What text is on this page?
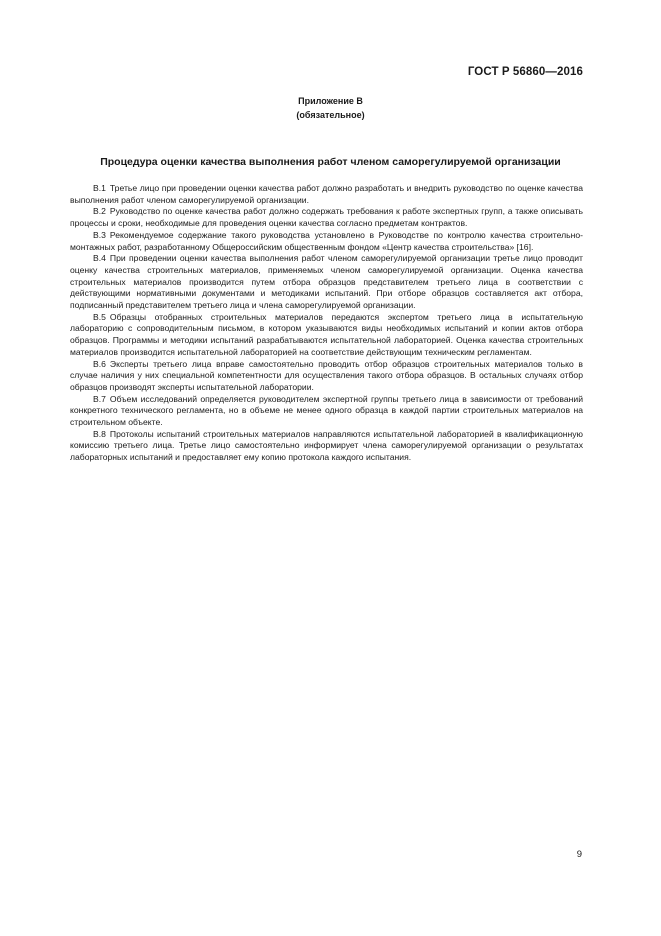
ГОСТ Р 56860—2016
Приложение В
(обязательное)
Процедура оценки качества выполнения работ членом саморегулируемой организации

В.1 Третье лицо при проведении оценки качества работ должно разработать и внедрить руководство по оценке качества выполнения работ членом саморегулируемой организации.

В.2 Руководство по оценке качества работ должно содержать требования к работе экспертных групп, а также описывать процессы и сроки, необходимые для проведения оценки качества согласно предметам контрактов.

В.3 Рекомендуемое содержание такого руководства установлено в Руководстве по контролю качества строительно-монтажных работ, разработанному Общероссийским общественным фондом «Центр качества строительства» [16].

В.4 При проведении оценки качества выполнения работ членом саморегулируемой организации третье лицо проводит оценку качества строительных материалов, применяемых членом саморегулируемой организации. Оценка качества строительных материалов производится путем отбора образцов представителем третьего лица в соответствии с действующими нормативными документами и методиками испытаний. При отборе образцов составляется акт отбора, подписанный представителем третьего лица и члена саморегулируемой организации.

В.5 Образцы отобранных строительных материалов передаются экспертом третьего лица в испытательную лабораторию с сопроводительным письмом, в котором указываются виды необходимых испытаний и копии актов отбора образцов. Программы и методики испытаний разрабатываются испытательной лабораторией. Оценка качества строительных материалов производится испытательной лабораторией на соответствие действующим техническим регламентам.

В.6 Эксперты третьего лица вправе самостоятельно проводить отбор образцов строительных материалов только в случае наличия у них специальной компетентности для осуществления такого отбора образцов. В остальных случаях отбор образцов производят эксперты испытательной лаборатории.

В.7 Объем исследований определяется руководителем экспертной группы третьего лица в зависимости от требований конкретного технического регламента, но в объеме не менее одного образца в каждой партии строительных материалов на строительном объекте.

В.8 Протоколы испытаний строительных материалов направляются испытательной лабораторией в квалификационную комиссию третьего лица. Третье лицо самостоятельно информирует члена саморегулируемой организации о результатах лабораторных испытаний и предоставляет ему копию протокола каждого испытания.

9
